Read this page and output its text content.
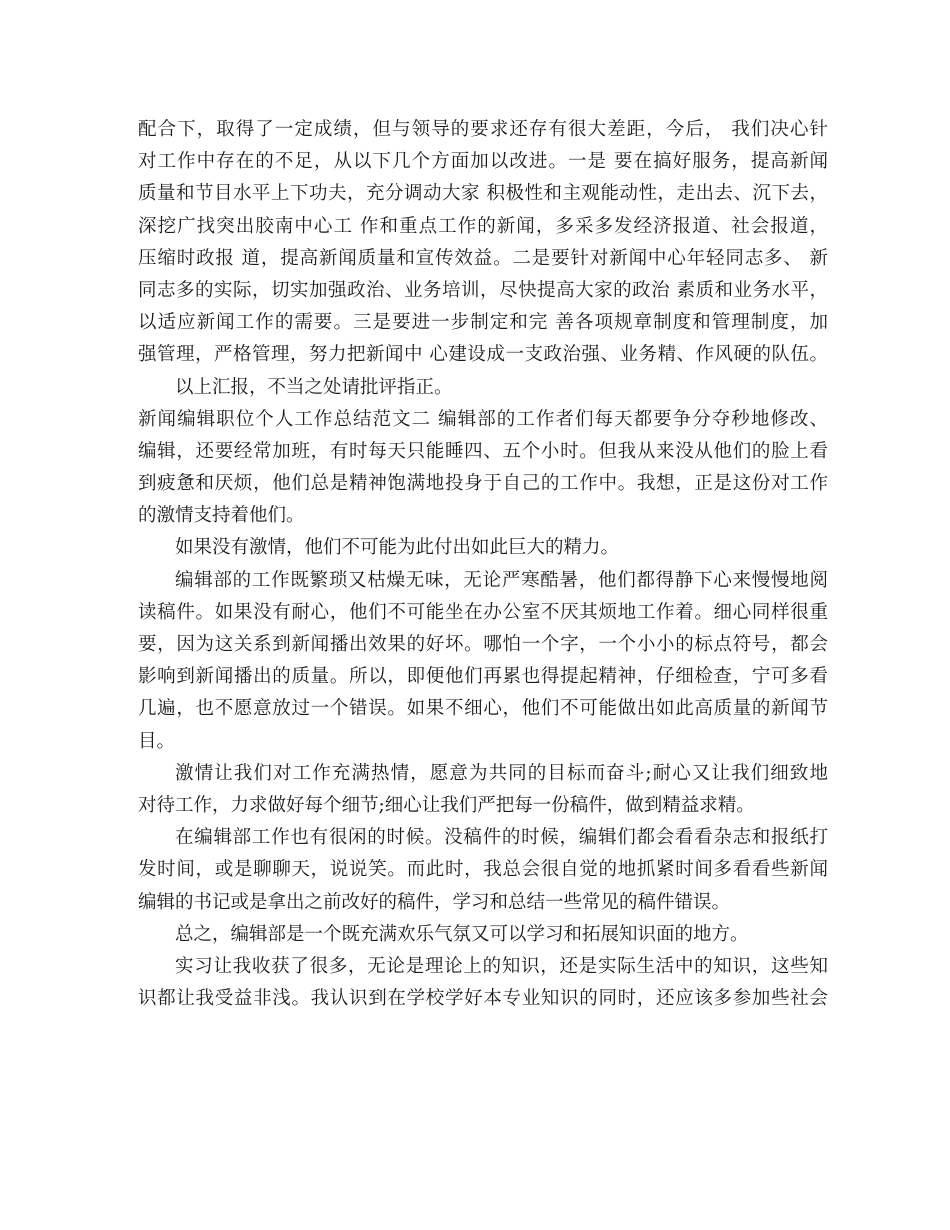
配合下，取得了一定成绩，但与领导的要求还存有很大差距，今后， 我们决心针
对工作中存在的不足，从以下几个方面加以改进。一是 要在搞好服务，提高新闻
质量和节目水平上下功夫，充分调动大家 积极性和主观能动性，走出去、沉下去，
深挖广找突出胶南中心工 作和重点工作的新闻，多采多发经济报道、社会报道，
压缩时政报 道，提高新闻质量和宣传效益。二是要针对新闻中心年轻同志多、 新
同志多的实际，切实加强政治、业务培训，尽快提高大家的政治 素质和业务水平，
以适应新闻工作的需要。三是要进一步制定和完 善各项规章制度和管理制度，加
强管理，严格管理，努力把新闻中 心建设成一支政治强、业务精、作风硬的队伍。
以上汇报，不当之处请批评指正。
新闻编辑职位个人工作总结范文二 编辑部的工作者们每天都要争分夺秒地修改、
编辑，还要经常加班，有时每天只能睡四、五个小时。但我从来没从他们的脸上看
到疲惫和厌烦，他们总是精神饱满地投身于自己的工作中。我想，正是这份对工作
的激情支持着他们。
如果没有激情，他们不可能为此付出如此巨大的精力。
编辑部的工作既繁琐又枯燥无味，无论严寒酷暑，他们都得静下心来慢慢地阅
读稿件。如果没有耐心，他们不可能坐在办公室不厌其烦地工作着。细心同样很重
要，因为这关系到新闻播出效果的好坏。哪怕一个字，一个小小的标点符号，都会
影响到新闻播出的质量。所以，即便他们再累也得提起精神，仔细检查，宁可多看
几遍，也不愿意放过一个错误。如果不细心，他们不可能做出如此高质量的新闻节
目。
激情让我们对工作充满热情，愿意为共同的目标而奋斗;耐心又让我们细致地
对待工作，力求做好每个细节;细心让我们严把每一份稿件，做到精益求精。
在编辑部工作也有很闲的时候。没稿件的时候，编辑们都会看看杂志和报纸打
发时间，或是聊聊天，说说笑。而此时，我总会很自觉的地抓紧时间多看看些新闻
编辑的书记或是拿出之前改好的稿件，学习和总结一些常见的稿件错误。
总之，编辑部是一个既充满欢乐气氛又可以学习和拓展知识面的地方。
实习让我收获了很多，无论是理论上的知识，还是实际生活中的知识，这些知
识都让我受益非浅。我认识到在学校学好本专业知识的同时，还应该多参加些社会
